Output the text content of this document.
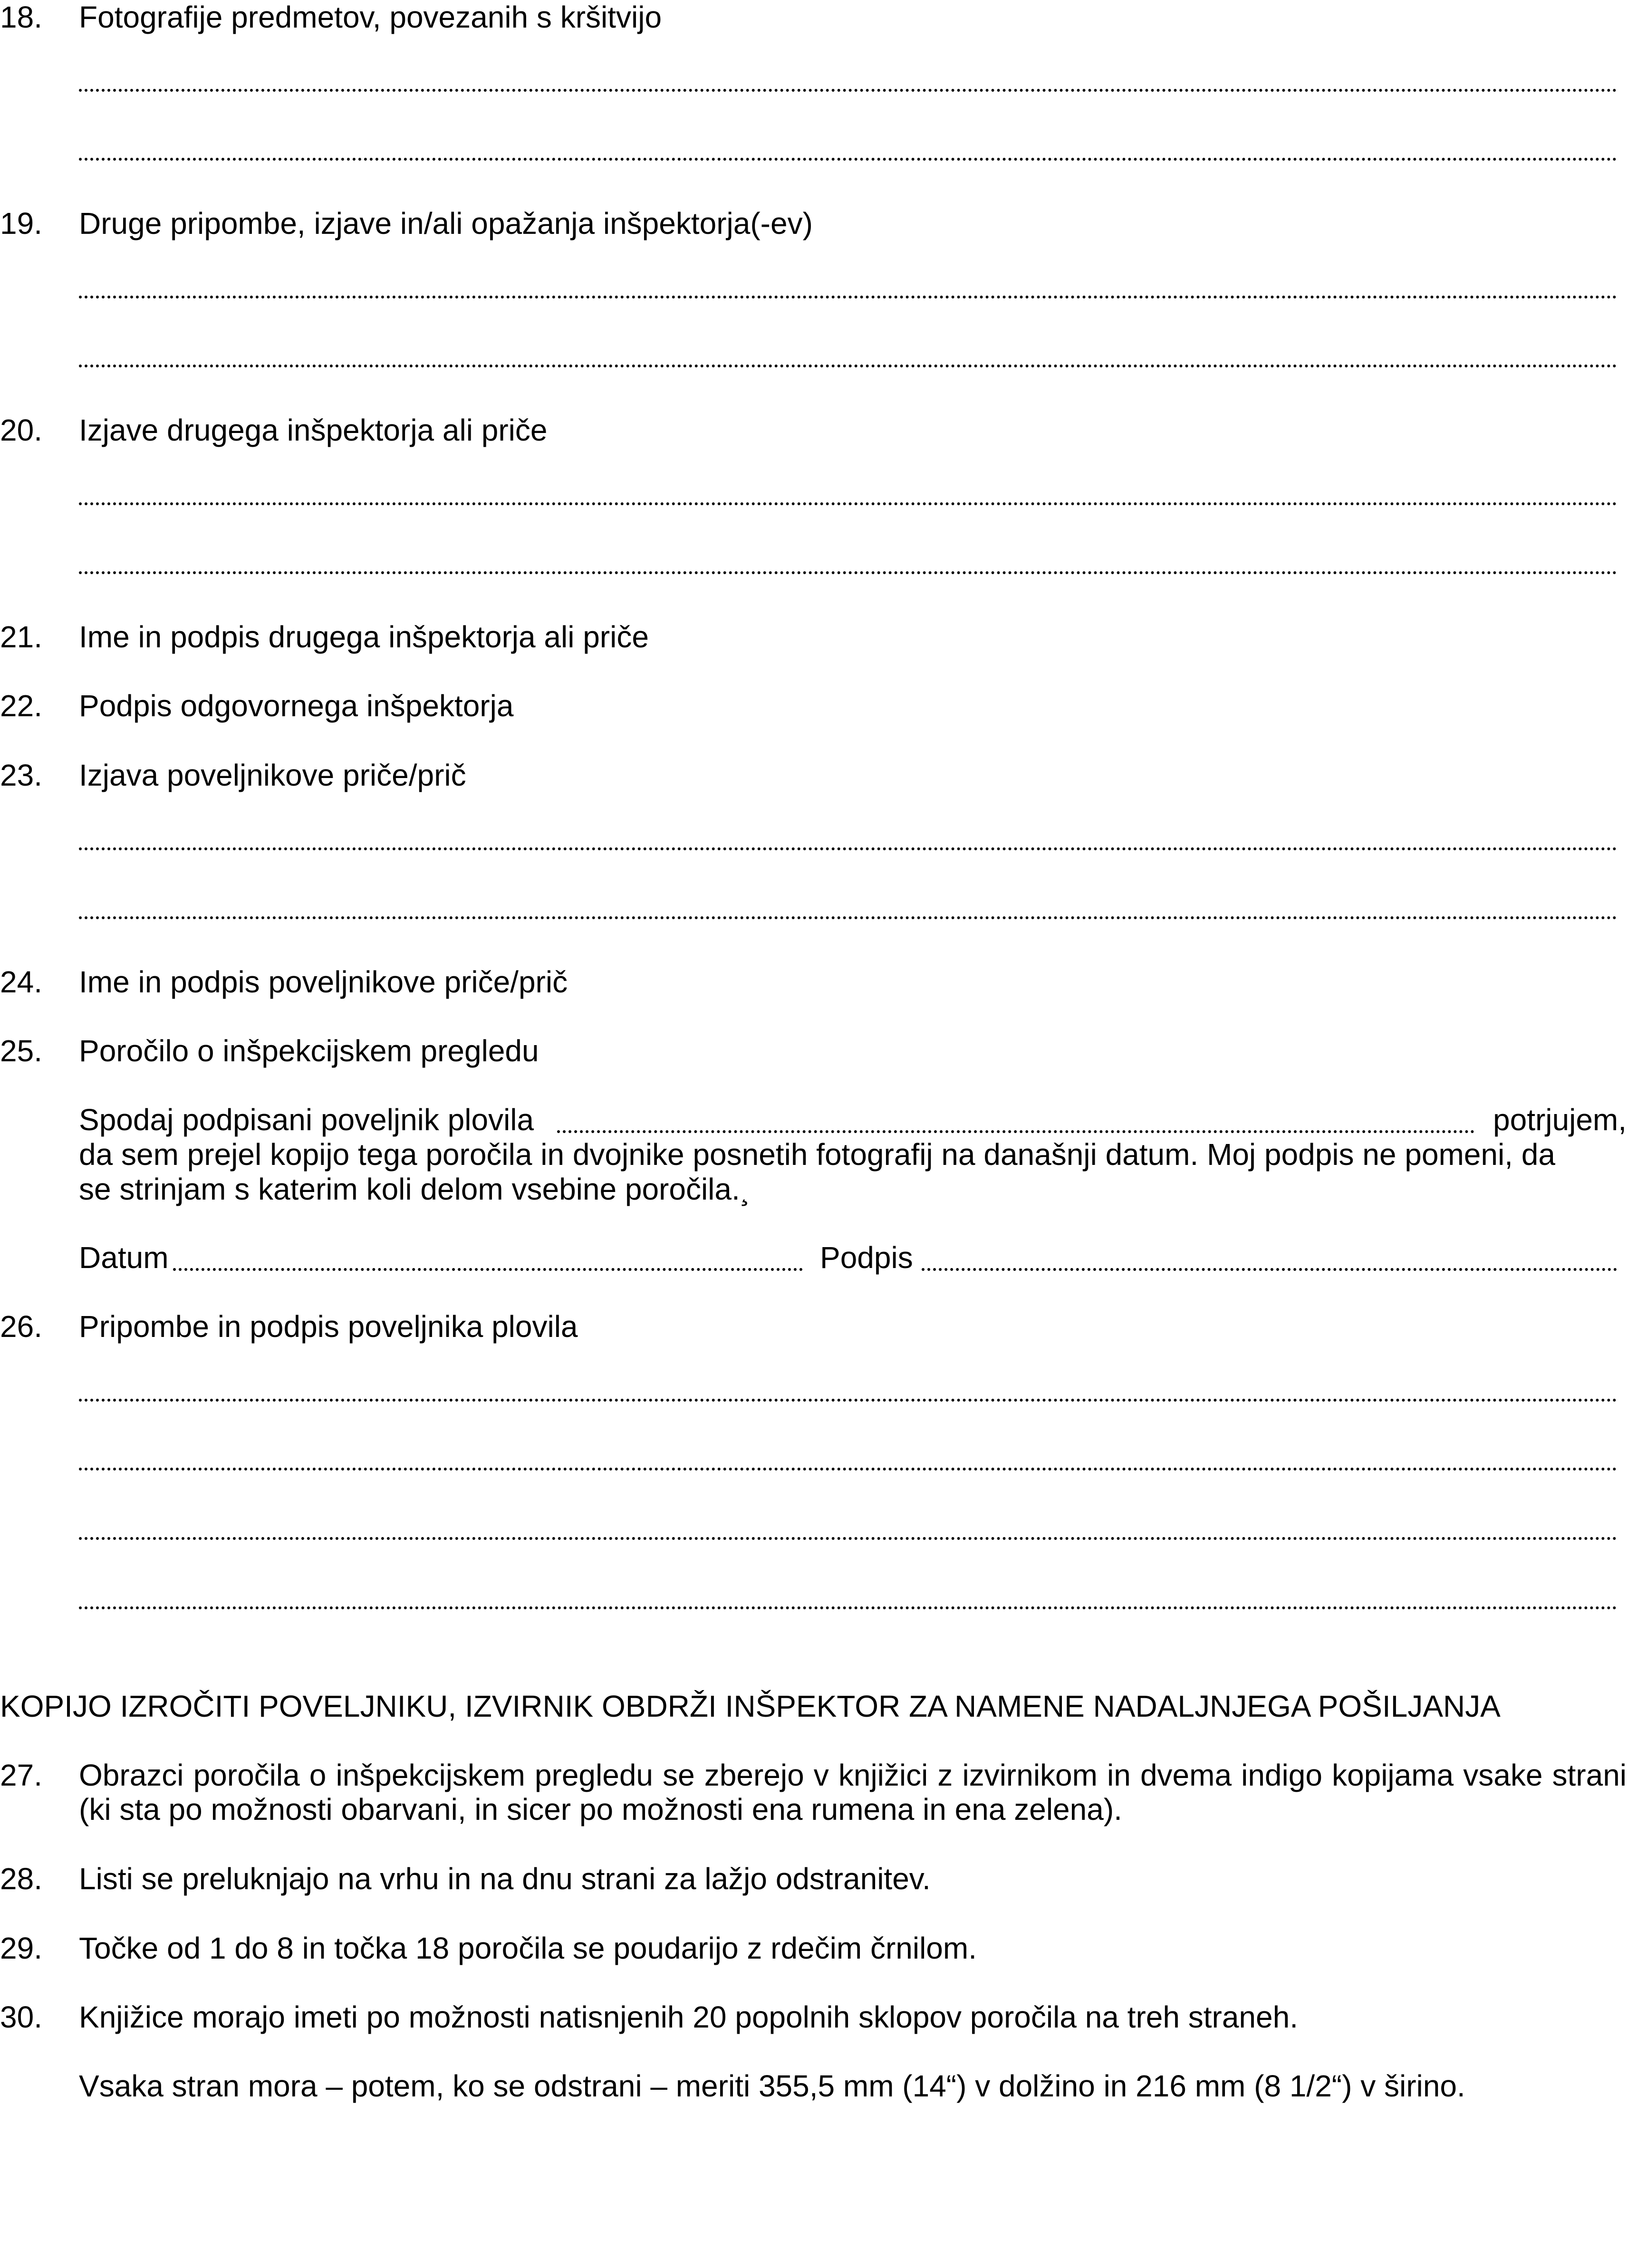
18. Fotografije predmetov, povezanih s kršitvijo
19. Druge pripombe, izjave in/ali opažanja inšpektorja(-ev)
20. Izjave drugega inšpektorja ali priče
21. Ime in podpis drugega inšpektorja ali priče
22. Podpis odgovornega inšpektorja
23. Izjava poveljnikove priče/prič
24. Ime in podpis poveljnikove priče/prič
25. Poročilo o inšpekcijskem pregledu
Spodaj podpisani poveljnik plovila	potrjujem,
da sem prejel kopijo tega poročila in dvojnike posnetih fotografij na današnji datum. Moj podpis ne pomeni, da
se strinjam s katerim koli delom vsebine poročila.¸
Datum	Podpis
26. Pripombe in podpis poveljnika plovila
KOPIJO IZROČITI POVELJNIKU, IZVIRNIK OBDRŽI INŠPEKTOR ZA NAMENE NADALJNJEGA POŠILJANJA
27. Obrazci poročila o inšpekcijskem pregledu se zberejo v knjižici z izvirnikom in dvema indigo kopijama vsake strani (ki sta po možnosti obarvani, in sicer po možnosti ena rumena in ena zelena).
28. Listi se preluknjajo na vrhu in na dnu strani za lažjo odstranitev.
29. Točke od 1 do 8 in točka 18 poročila se poudarijo z rdečim črnilom.
30. Knjižice morajo imeti po možnosti natisnjenih 20 popolnih sklopov poročila na treh straneh.
Vsaka stran mora – potem, ko se odstrani – meriti 355,5 mm (14“) v dolžino in 216 mm (8 1/2“) v širino.
